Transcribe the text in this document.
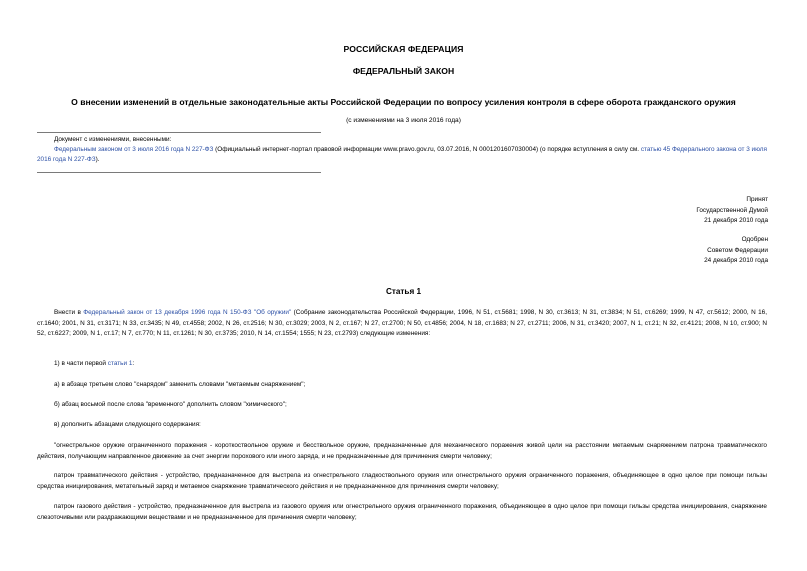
РОССИЙСКАЯ ФЕДЕРАЦИЯ
ФЕДЕРАЛЬНЫЙ ЗАКОН
О внесении изменений в отдельные законодательные акты Российской Федерации по вопросу усиления контроля в сфере оборота гражданского оружия
(с изменениями на 3 июля 2016 года)
Документ с изменениями, внесенными:
Федеральным законом от 3 июля 2016 года N 227-ФЗ (Официальный интернет-портал правовой информации www.pravo.gov.ru, 03.07.2016, N 0001201607030004) (о порядке вступления в силу см. статью 45 Федерального закона от 3 июля 2016 года N 227-ФЗ).
Принят
Государственной Думой
21 декабря 2010 года
Одобрен
Советом Федерации
24 декабря 2010 года
Статья 1
Внести в Федеральный закон от 13 декабря 1996 года N 150-ФЗ "Об оружии" (Собрание законодательства Российской Федерации, 1996, N 51, ст.5681; 1998, N 30, ст.3613; N 31, ст.3834; N 51, ст.6269; 1999, N 47, ст.5612; 2000, N 16, ст.1640; 2001, N 31, ст.3171; N 33, ст.3435; N 49, ст.4558; 2002, N 26, ст.2516; N 30, ст.3029; 2003, N 2, ст.167; N 27, ст.2700; N 50, ст.4856; 2004, N 18, ст.1683; N 27, ст.2711; 2006, N 31, ст.3420; 2007, N 1, ст.21; N 32, ст.4121; 2008, N 10, ст.900; N 52, ст.6227; 2009, N 1, ст.17; N 7, ст.770; N 11, ст.1261; N 30, ст.3735; 2010, N 14, ст.1554; 1555; N 23, ст.2793) следующие изменения:
1) в части первой статьи 1:
а) в абзаце третьем слово "снарядом" заменить словами "метаемым снаряжением";
б) абзац восьмой после слова "временного" дополнить словом "химического";
в) дополнить абзацами следующего содержания:
"огнестрельное оружие ограниченного поражения - короткоствольное оружие и бесствольное оружие, предназначенные для механического поражения живой цели на расстоянии метаемым снаряжением патрона травматического действия, получающим направленное движение за счет энергии порохового или иного заряда, и не предназначенные для причинения смерти человеку;
патрон травматического действия - устройство, предназначенное для выстрела из огнестрельного гладкоствольного оружия или огнестрельного оружия ограниченного поражения, объединяющее в одно целое при помощи гильзы средства инициирования, метательный заряд и метаемое снаряжение травматического действия и не предназначенное для причинения смерти человеку;
патрон газового действия - устройство, предназначенное для выстрела из газового оружия или огнестрельного оружия ограниченного поражения, объединяющее в одно целое при помощи гильзы средства инициирования, снаряжение слезоточивыми или раздражающими веществами и не предназначенное для причинения смерти человеку;
